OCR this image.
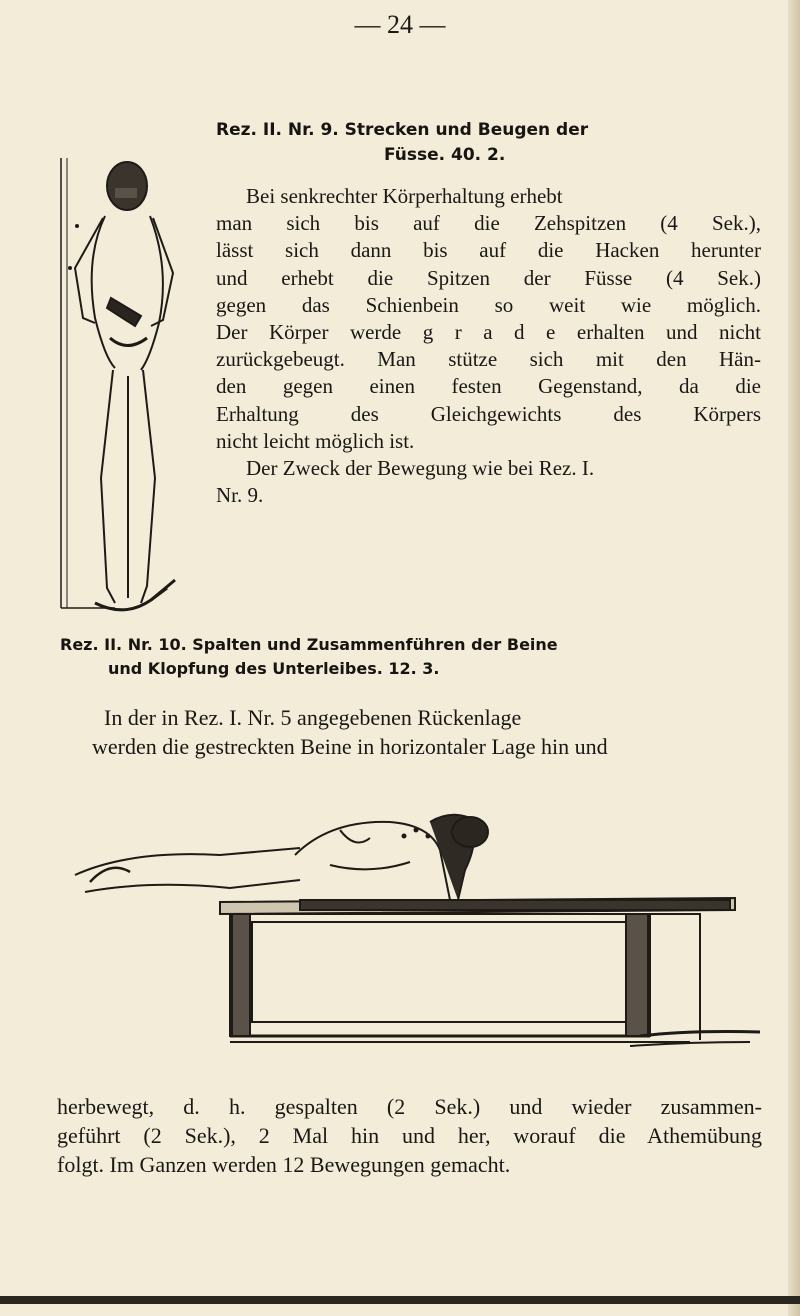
— 24 —
Rez. II. Nr. 9. Strecken und Beugen der
Füsse. 40. 2.
Bei senkrechter Körperhaltung erhebt
man sich bis auf die Zehspitzen (4 Sek.),
lässt sich dann bis auf die Hacken herunter
und erhebt die Spitzen der Füsse (4 Sek.)
gegen das Schienbein so weit wie möglich.
Der Körper werde g r a d e erhalten und nicht
zurückgebeugt. Man stütze sich mit den Hän-
den gegen einen festen Gegenstand, da die
Erhaltung des Gleichgewichts des Körpers
nicht leicht möglich ist.
Der Zweck der Bewegung wie bei Rez. I.
Nr. 9.
Rez. II. Nr. 10. Spalten und Zusammenführen der Beine
und Klopfung des Unterleibes. 12. 3.
In der in Rez. I. Nr. 5 angegebenen Rückenlage
werden die gestreckten Beine in horizontaler Lage hin und
herbewegt, d. h. gespalten (2 Sek.) und wieder zusammen-
geführt (2 Sek.), 2 Mal hin und her, worauf die Athemübung
folgt. Im Ganzen werden 12 Bewegungen gemacht.
